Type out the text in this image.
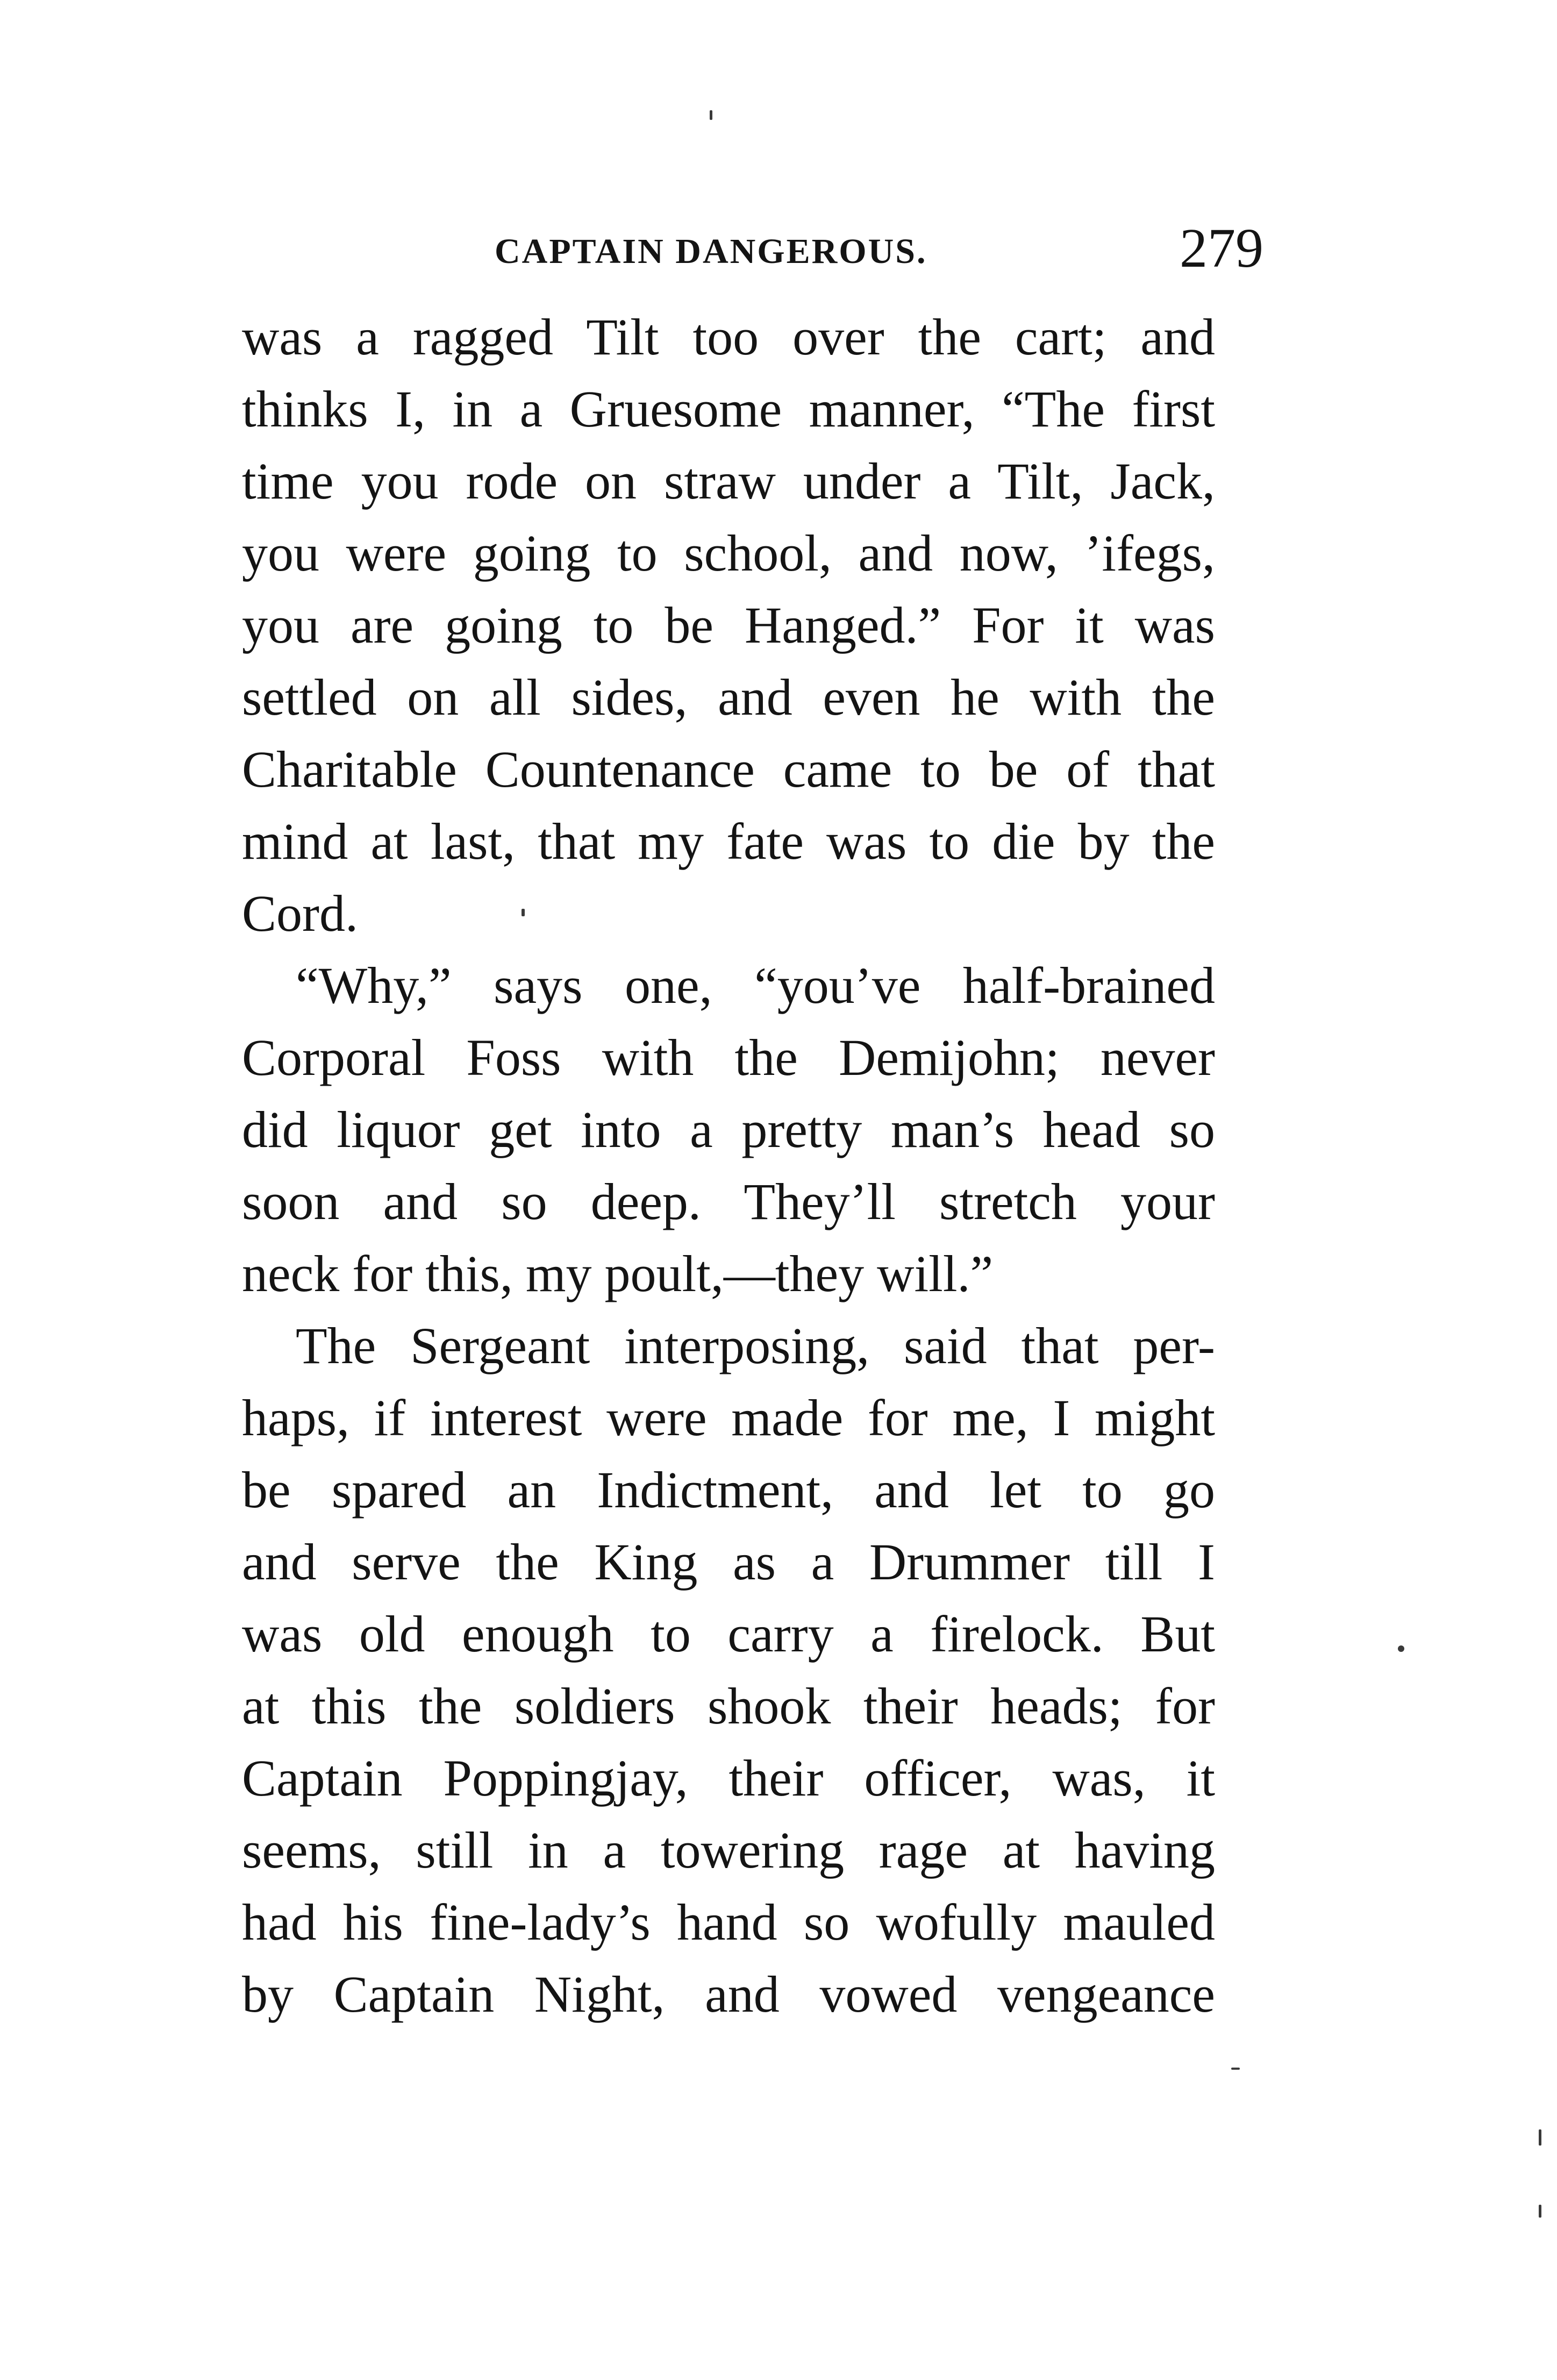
CAPTAIN DANGEROUS.	279
was a ragged Tilt too over the cart; and
thinks I, in a Gruesome manner, “The first
time you rode on straw under a Tilt, Jack,
you were going to school, and now, ’ifegs,
you are going to be Hanged.” For it was
settled on all sides, and even he with the
Charitable Countenance came to be of that
mind at last, that my fate was to die by the
Cord.
“Why,” says one, “you’ve half-brained
Corporal Foss with the Demijohn; never
did liquor get into a pretty man’s head so
soon and so deep. They’ll stretch your
neck for this, my poult,—they will.”
The Sergeant interposing, said that per-
haps, if interest were made for me, I might
be spared an Indictment, and let to go
and serve the King as a Drummer till I
was old enough to carry a firelock. But
at this the soldiers shook their heads; for
Captain Poppingjay, their officer, was, it
seems, still in a towering rage at having
had his fine-lady’s hand so wofully mauled
by Captain Night, and vowed vengeance
